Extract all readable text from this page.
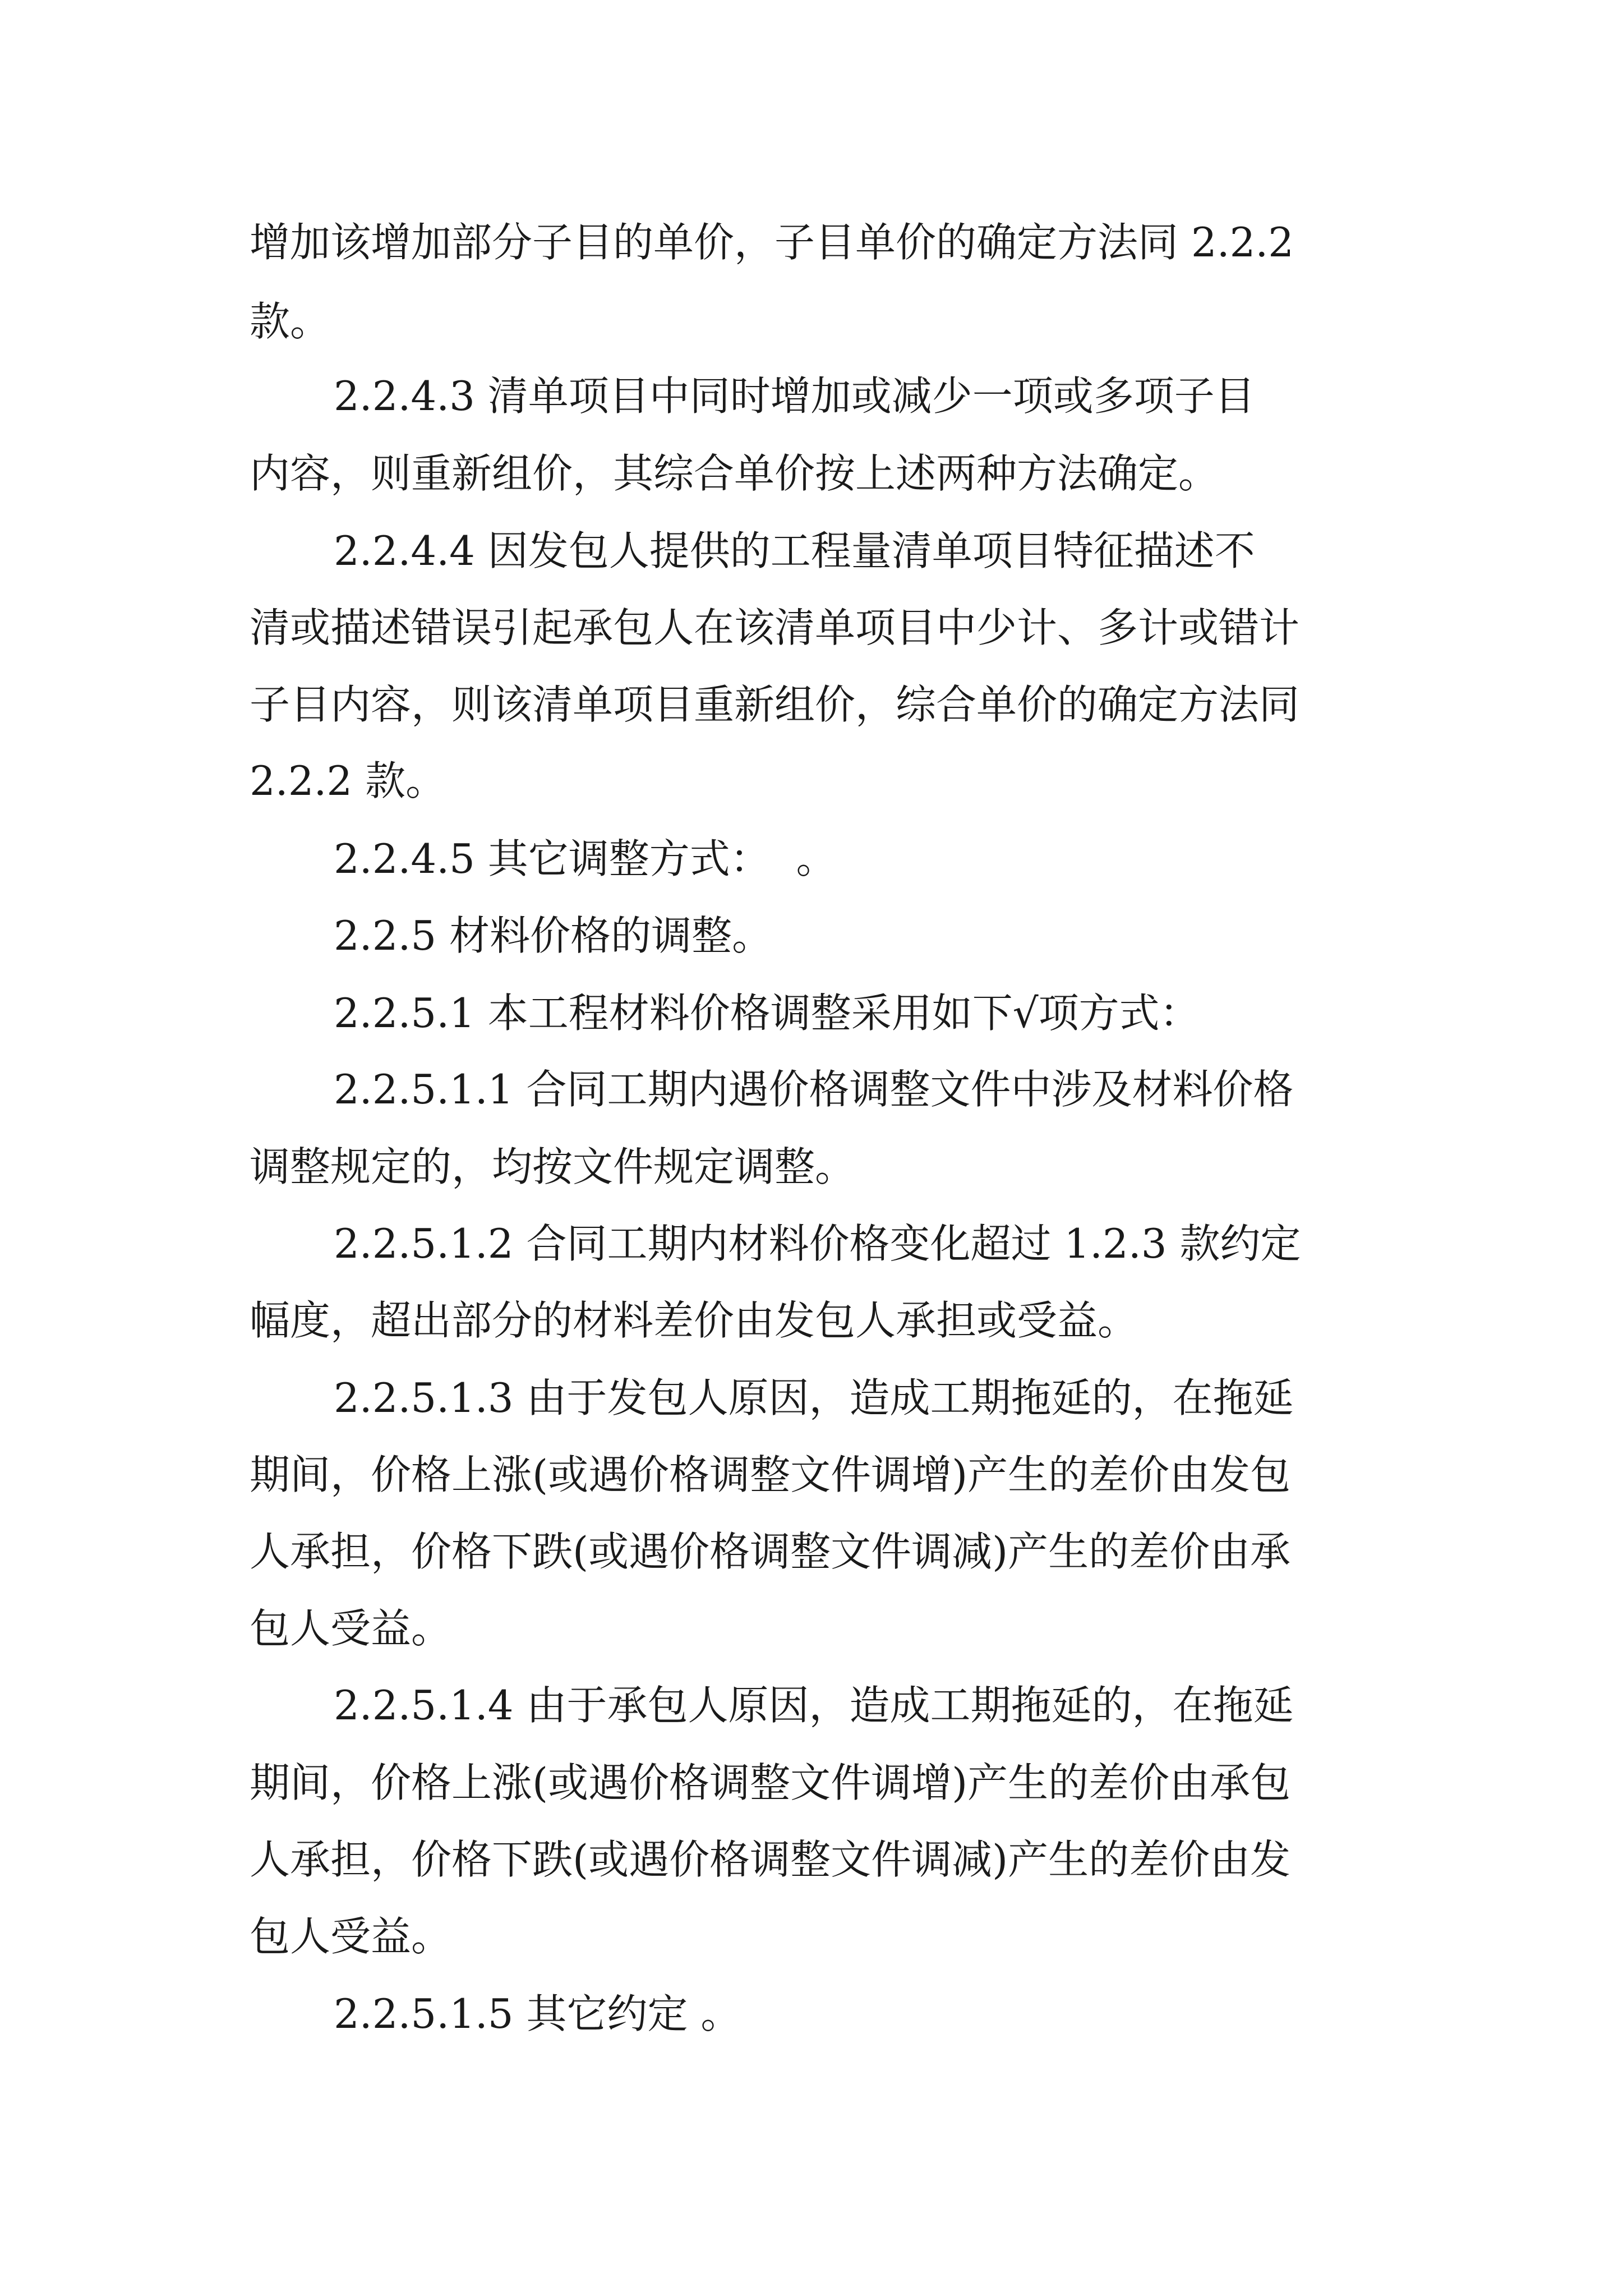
增加该增加部分子目的单价，子目单价的确定方法同 2.2.2

款。

2.2.4.3 清单项目中同时增加或减少一项或多项子目

内容，则重新组价，其综合单价按上述两种方法确定。

2.2.4.4 因发包人提供的工程量清单项目特征描述不

清或描述错误引起承包人在该清单项目中少计、多计或错计

子目内容，则该清单项目重新组价，综合单价的确定方法同

2.2.2 款。

2.2.4.5 其它调整方式：  。

2.2.5 材料价格的调整。

2.2.5.1 本工程材料价格调整采用如下√项方式：

2.2.5.1.1 合同工期内遇价格调整文件中涉及材料价格

调整规定的，均按文件规定调整。

2.2.5.1.2 合同工期内材料价格变化超过 1.2.3 款约定

幅度，超出部分的材料差价由发包人承担或受益。

2.2.5.1.3 由于发包人原因，造成工期拖延的，在拖延

期间，价格上涨(或遇价格调整文件调增)产生的差价由发包

人承担，价格下跌(或遇价格调整文件调减)产生的差价由承

包人受益。

2.2.5.1.4 由于承包人原因，造成工期拖延的，在拖延

期间，价格上涨(或遇价格调整文件调增)产生的差价由承包

人承担，价格下跌(或遇价格调整文件调减)产生的差价由发

包人受益。

2.2.5.1.5 其它约定 。
